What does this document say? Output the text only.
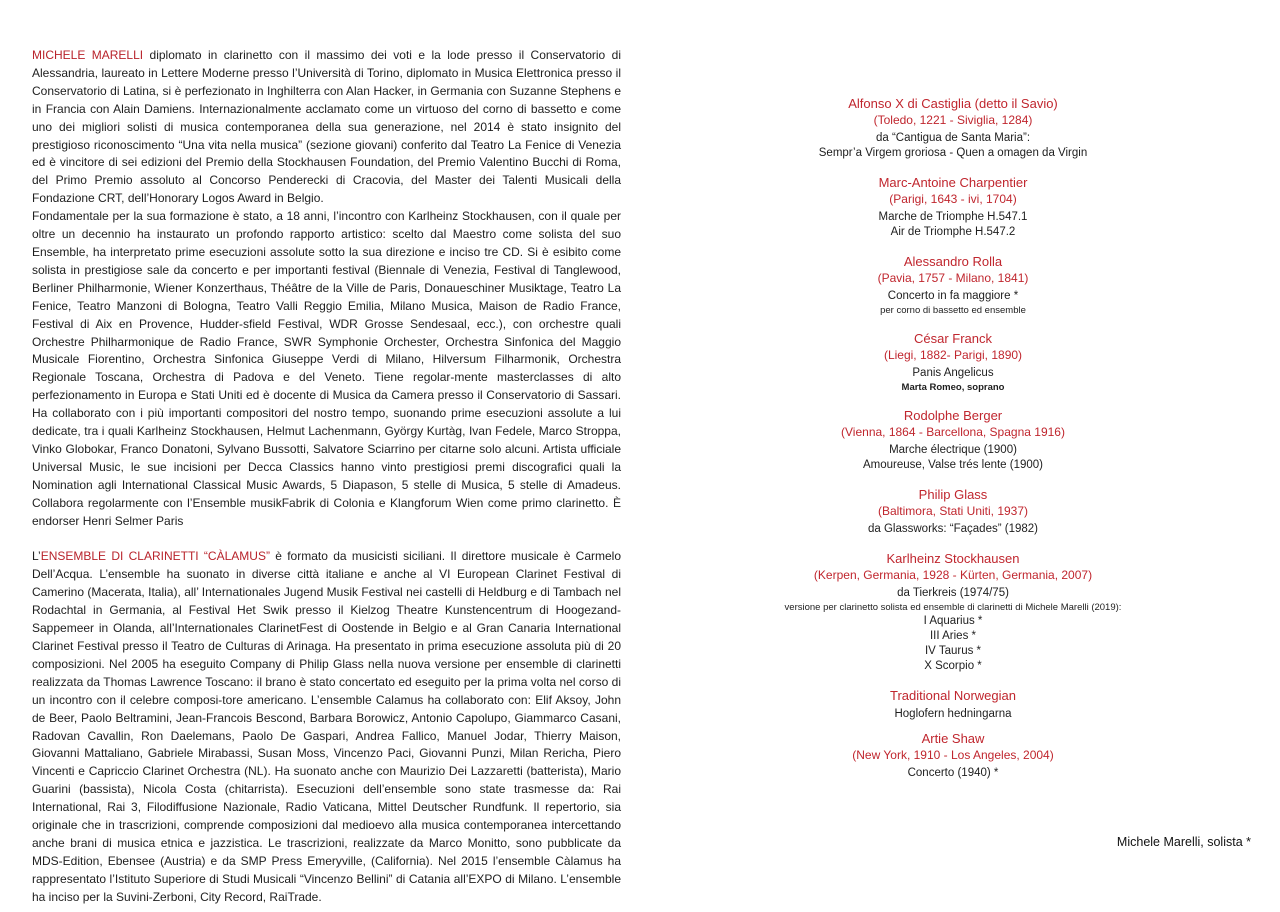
MICHELE MARELLI diplomato in clarinetto con il massimo dei voti e la lode presso il Conservatorio di Alessandria, laureato in Lettere Moderne presso l’Università di Torino, diplomato in Musica Elettronica presso il Conservatorio di Latina, si è perfezionato in Inghilterra con Alan Hacker, in Germania con Suzanne Stephens e in Francia con Alain Damiens. Internazionalmente acclamato come un virtuoso del corno di bassetto e come uno dei migliori solisti di musica contemporanea della sua generazione, nel 2014 è stato insignito del prestigioso riconoscimento “Una vita nella musica” (sezione giovani) conferito dal Teatro La Fenice di Venezia ed è vincitore di sei edizioni del Premio della Stockhausen Foundation, del Premio Valentino Bucchi di Roma, del Primo Premio assoluto al Concorso Penderecki di Cracovia, del Master dei Talenti Musicali della Fondazione CRT, dell’Honorary Logos Award in Belgio.

Fondamentale per la sua formazione è stato, a 18 anni, l’incontro con Karlheinz Stockhausen, con il quale per oltre un decennio ha instaurato un profondo rapporto artistico: scelto dal Maestro come solista del suo Ensemble, ha interpretato prime esecuzioni assolute sotto la sua direzione e inciso tre CD. Si è esibito come solista in prestigiose sale da concerto e per importanti festival (Biennale di Venezia, Festival di Tanglewood, Berliner Philharmonie, Wiener Konzerthaus, Théâtre de la Ville de Paris, Donaueschiner Musiktage, Teatro La Fenice, Teatro Manzoni di Bologna, Teatro Valli Reggio Emilia, Milano Musica, Maison de Radio France, Festival di Aix en Provence, Hudder-sfield Festival, WDR Grosse Sendesaal, ecc.), con orchestre quali Orchestre Philharmonique de Radio France, SWR Symphonie Orchester, Orchestra Sinfonica del Maggio Musicale Fiorentino, Orchestra Sinfonica Giuseppe Verdi di Milano, Hilversum Filharmonik, Orchestra Regionale Toscana, Orchestra di Padova e del Veneto. Tiene regolar-mente masterclasses di alto perfezionamento in Europa e Stati Uniti ed è docente di Musica da Camera presso il Conservatorio di Sassari. Ha collaborato con i più importanti compositori del nostro tempo, suonando prime esecuzioni assolute a lui dedicate, tra i quali Karlheinz Stockhausen, Helmut Lachenmann, György Kurtàg, Ivan Fedele, Marco Stroppa, Vinko Globokar, Franco Donatoni, Sylvano Bussotti, Salvatore Sciarrino per citarne solo alcuni. Artista ufficiale Universal Music, le sue incisioni per Decca Classics hanno vinto prestigiosi premi discografici quali la Nomination agli International Classical Music Awards, 5 Diapason, 5 stelle di Musica, 5 stelle di Amadeus. Collabora regolarmente con l’Ensemble musikFabrik di Colonia e Klangforum Wien come primo clarinetto. È endorser Henri Selmer Paris

L’ENSEMBLE DI CLARINETTI “CÀLAMUS” è formato da musicisti siciliani. Il direttore musicale è Carmelo Dell’Acqua. L’ensemble ha suonato in diverse città italiane e anche al VI European Clarinet Festival di Camerino (Macerata, Italia), all’ Internationales Jugend Musik Festival nei castelli di Heldburg e di Tambach nel Rodachtal in Germania, al Festival Het Swik presso il Kielzog Theatre Kunstencentrum di Hoogezand-Sappemeer in Olanda, all’Internationales ClarinetFest di Oostende in Belgio e al Gran Canaria International Clarinet Festival presso il Teatro de Culturas di Arinaga. Ha presentato in prima esecuzione assoluta più di 20 composizioni. Nel 2005 ha eseguito Company di Philip Glass nella nuova versione per ensemble di clarinetti realizzata da Thomas Lawrence Toscano: il brano è stato concertato ed eseguito per la prima volta nel corso di un incontro con il celebre composi-tore americano. L’ensemble Calamus ha collaborato con: Elif Aksoy, John de Beer, Paolo Beltramini, Jean-Francois Bescond, Barbara Borowicz, Antonio Capolupo, Giammarco Casani, Radovan Cavallin, Ron Daelemans, Paolo De Gaspari, Andrea Fallico, Manuel Jodar, Thierry Maison, Giovanni Mattaliano, Gabriele Mirabassi, Susan Moss, Vincenzo Paci, Giovanni Punzi, Milan Rericha, Piero Vincenti e Capriccio Clarinet Orchestra (NL). Ha suonato anche con Maurizio Dei Lazzaretti (batterista), Mario Guarini (bassista), Nicola Costa (chitarrista). Esecuzioni dell’ensemble sono state trasmesse da: Rai International, Rai 3, Filodiffusione Nazionale, Radio Vaticana, Mittel Deutscher Rundfunk. Il repertorio, sia originale che in trascrizioni, comprende composizioni dal medioevo alla musica contemporanea intercettando anche brani di musica etnica e jazzistica. Le trascrizioni, realizzate da Marco Monitto, sono pubblicate da MDS-Edition, Ebensee (Austria) e da SMP Press Emeryville, (California). Nel 2015 l’ensemble Càlamus ha rappresentato l’Istituto Superiore di Studi Musicali “Vincenzo Bellini” di Catania all’EXPO di Milano. L’ensemble ha inciso per la Suvini-Zerboni, City Record, RaiTrade.

Alfonso X di Castiglia (detto il Savio)
(Toledo, 1221 - Siviglia, 1284)
da “Cantigua de Santa Maria”:
Sempr’a Virgem groriosa - Quen a omagen da Virgin
Marc-Antoine Charpentier
(Parigi, 1643 - ivi, 1704)
Marche de Triomphe H.547.1
Air de Triomphe H.547.2
Alessandro Rolla
(Pavia, 1757 - Milano, 1841)
Concerto in fa maggiore *
per corno di bassetto ed ensemble
César Franck
(Liegi, 1882- Parigi, 1890)
Panis Angelicus
Marta Romeo, soprano
Rodolphe Berger
(Vienna, 1864 - Barcellona, Spagna 1916)
Marche électrique (1900)
Amoureuse, Valse trés lente (1900)
Philip Glass
(Baltimora, Stati Uniti, 1937)
da Glassworks: “Façades” (1982)
Karlheinz Stockhausen
(Kerpen, Germania, 1928 - Kürten, Germania, 2007)
da Tierkreis (1974/75)
versione per clarinetto solista ed ensemble di clarinetti di Michele Marelli (2019):
I Aquarius *
III Aries *
IV Taurus *
X Scorpio *
Traditional Norwegian
Hoglofern hedningarna
Artie Shaw
(New York, 1910 - Los Angeles, 2004)
Concerto (1940) *
Michele Marelli, solista *
